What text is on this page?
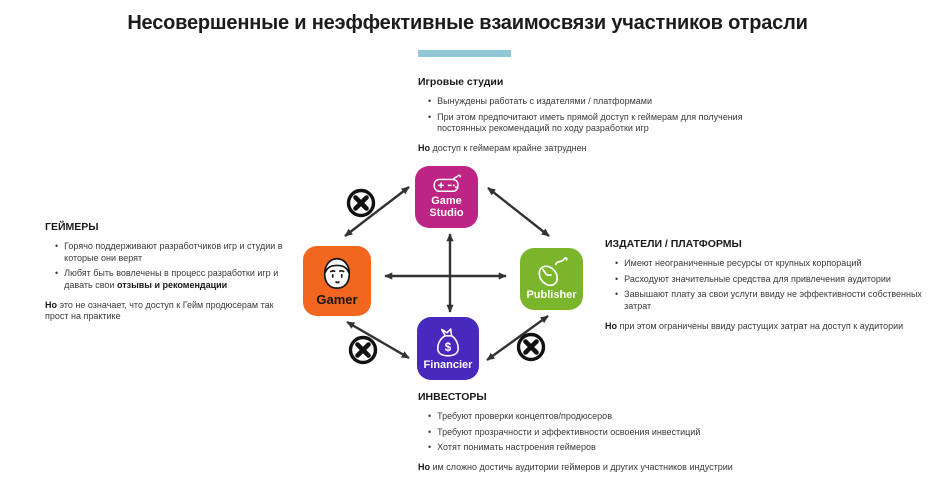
Несовершенные и неэффективные взаимосвязи участников отрасли
Игровые студии
• Вынуждены работать с издателями / платформами
• При этом предпочитают иметь прямой доступ к геймерам для получения постоянных рекомендаций по ходу разработки игр

Но доступ к геймерам крайне затруднен

ГЕЙМЕРЫ
• Горячо поддерживают разработчиков игр и студии в которые они верят
• Любят быть вовлечены в процесс разработки игр и давать свои отзывы и рекомендации

Но это не означает, что доступ к Гейм продюсерам так прост на практике

ИЗДАТЕЛИ / ПЛАТФОРМЫ
• Имеют неограниченные ресурсы от крупных корпораций
• Расходуют значительные средства для привлечения аудитории
• Завышают плату за свои услуги ввиду не эффективности собственных затрат

Но при этом ограничены ввиду растущих затрат на доступ к аудитории

ИНВЕСТОРЫ
• Требуют проверки концептов/продюсеров
• Требуют прозрачности и эффективности освоения инвестиций
• Хотят понимать настроения геймеров

Но им сложно достичь аудитории геймеров и других участников индустрии

Game Studio
Gamer	Publisher
$
Financier
